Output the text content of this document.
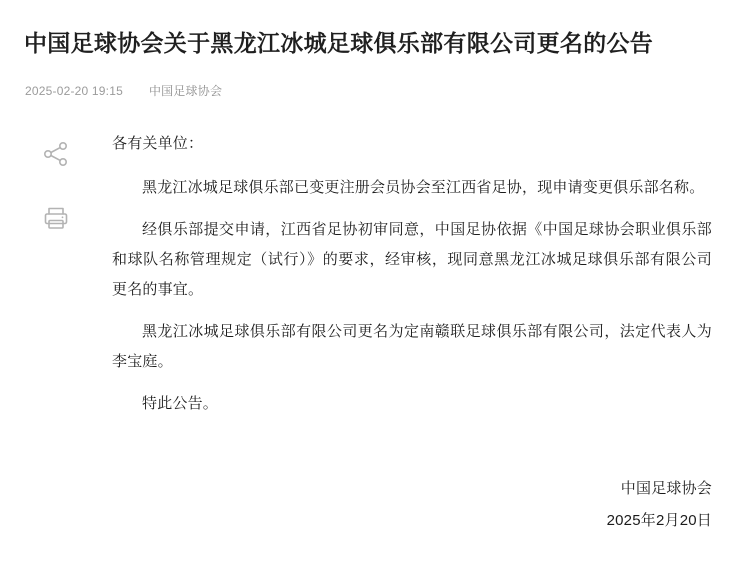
中国足球协会关于黑龙江冰城足球俱乐部有限公司更名的公告
2025-02-20 19:15 中国足球协会

各有关单位：

黑龙江冰城足球俱乐部已变更注册会员协会至江西省足协，现申请变更俱乐部名称。

经俱乐部提交申请，江西省足协初审同意，中国足协依据《中国足球协会职业俱乐部和球队名称管理规定（试行）》的要求，经审核，现同意黑龙江冰城足球俱乐部有限公司更名的事宜。

黑龙江冰城足球俱乐部有限公司更名为定南赣联足球俱乐部有限公司，法定代表人为李宝庭。

特此公告。

中国足球协会
2025年2月20日
